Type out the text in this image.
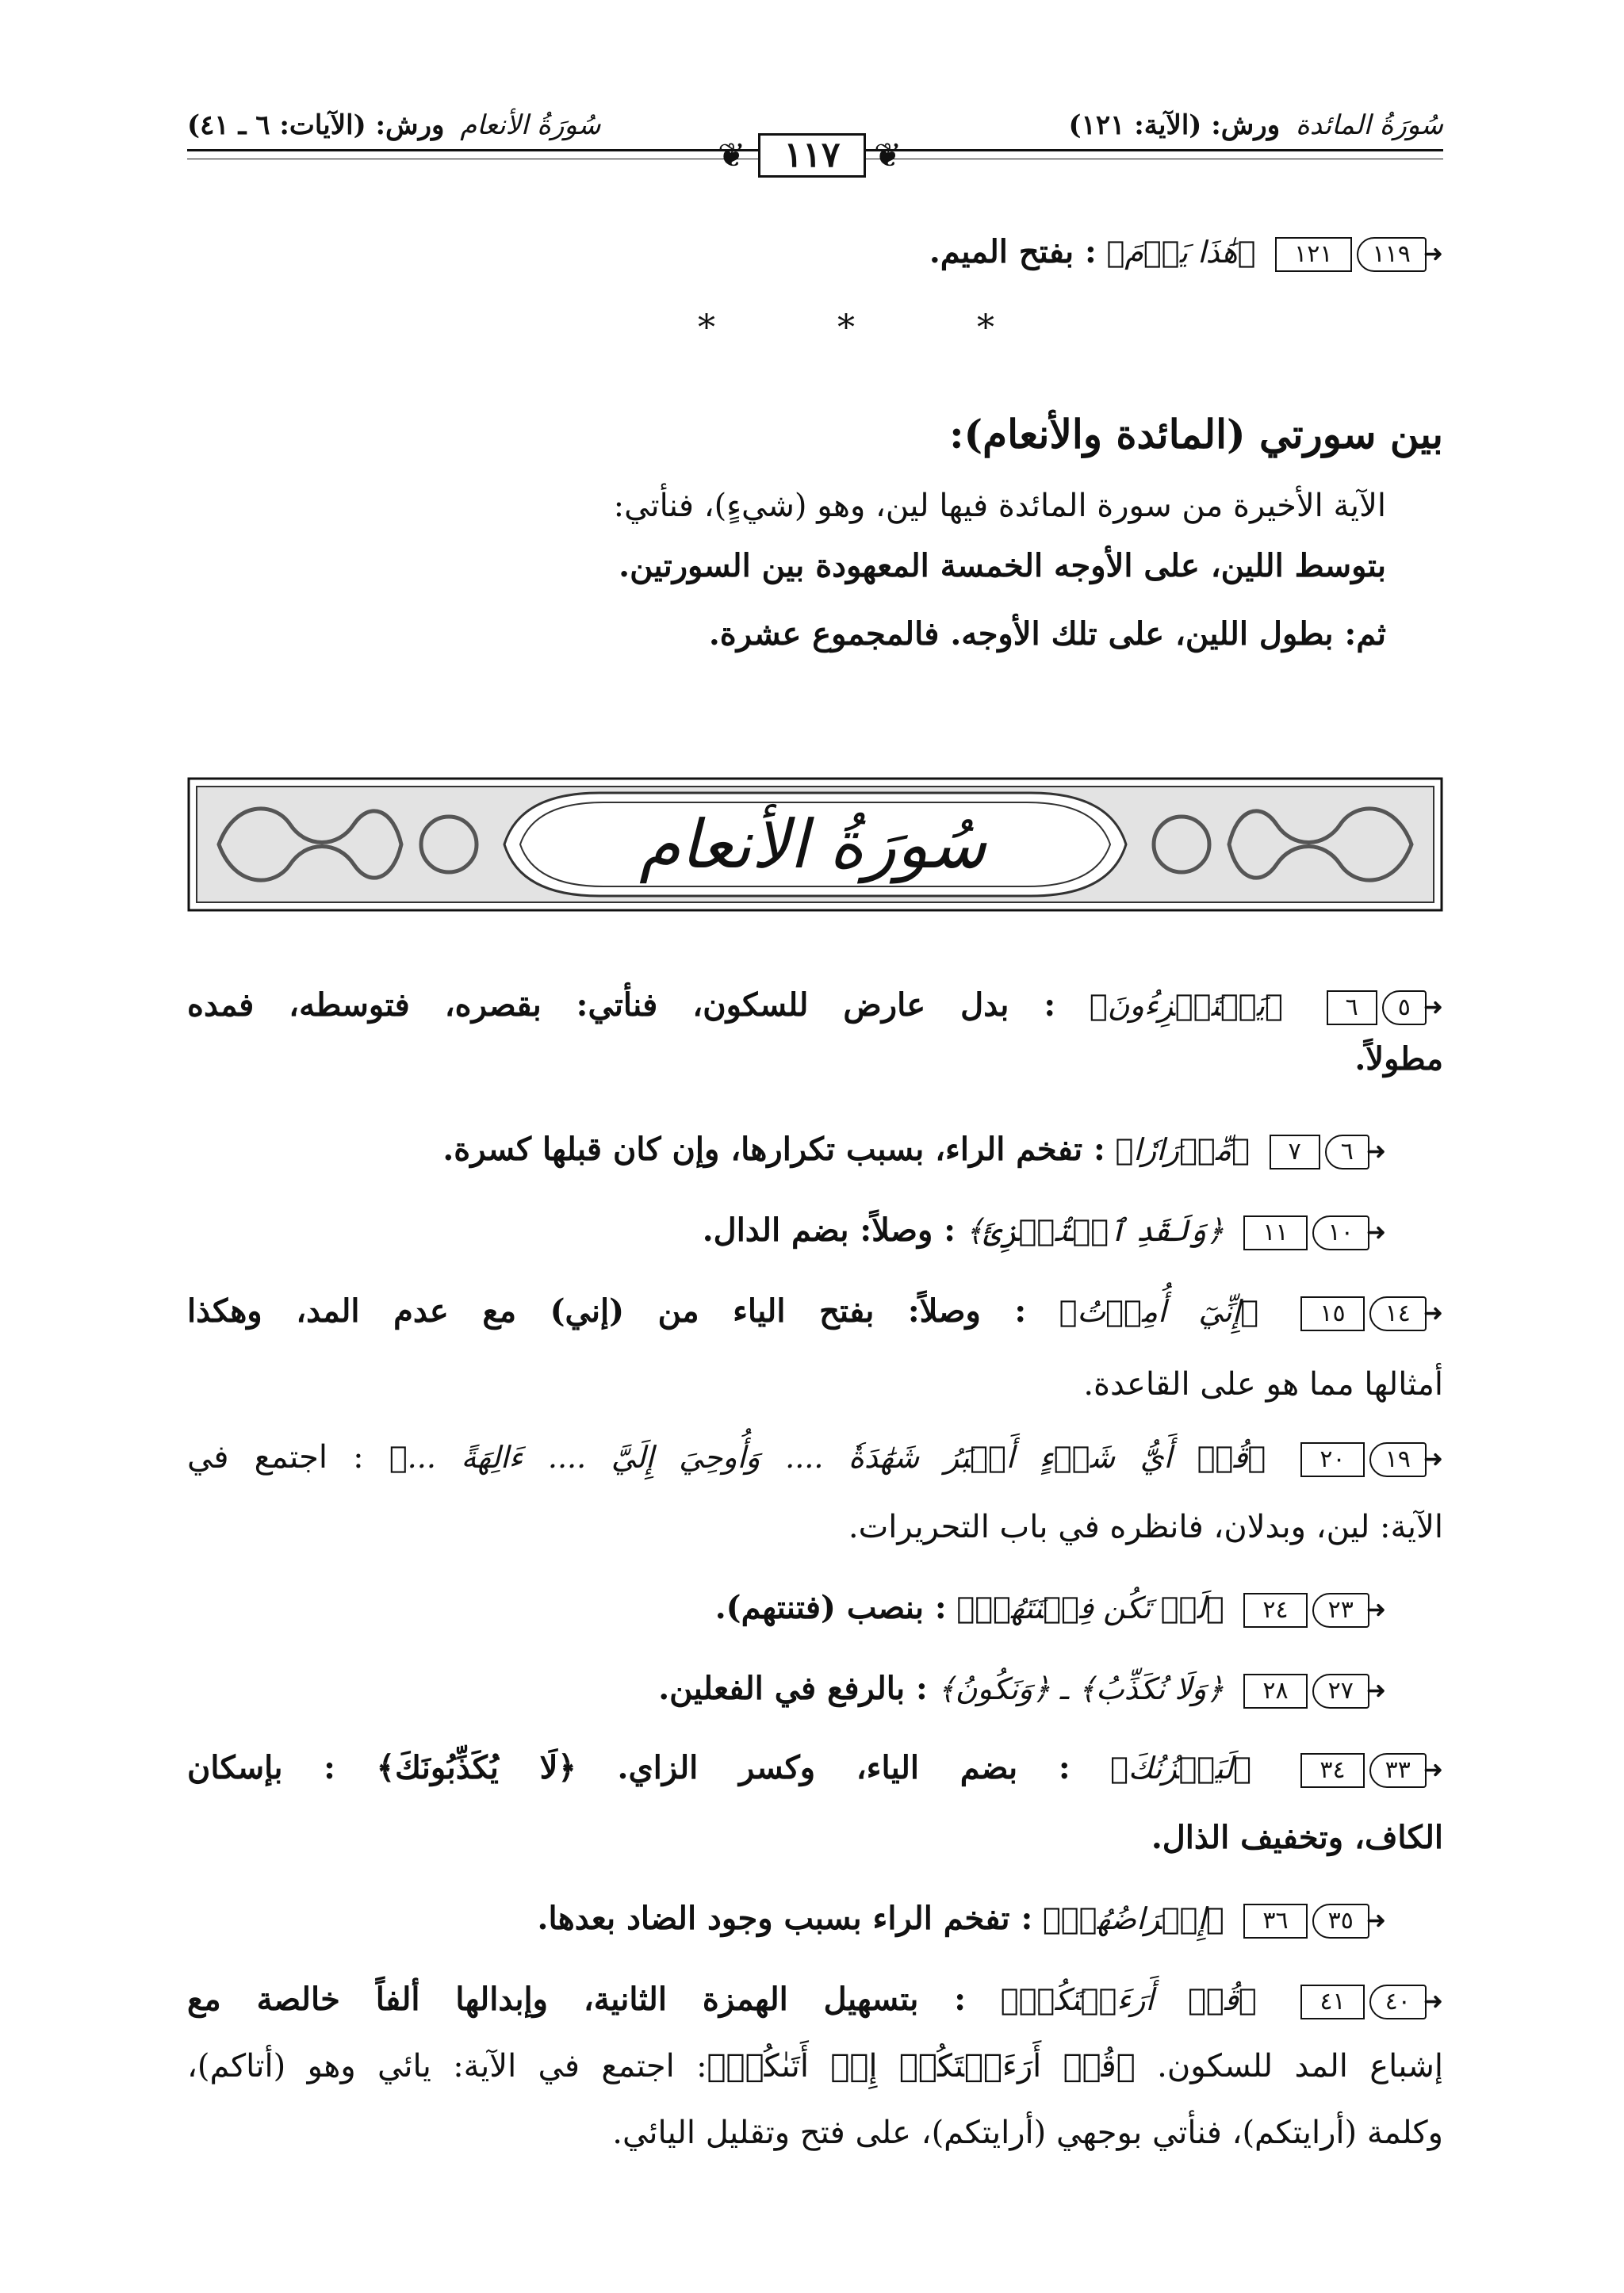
سُورَةُ المائدة ورش: (الآية: ١٢١)
سُورَةُ الأنعام ورش: (الآيات: ٦ ـ ٤١)
❦	❦
١١٧
➜١١٩١٢١ ﴿هَٰذَا يَوۡمَ﴾ : بفتح الميم.
* * *
بين سورتي (المائدة والأنعام):
الآية الأخيرة من سورة المائدة فيها لين، وهو (شيءٍ)، فنأتي:
بتوسط اللين، على الأوجه الخمسة المعهودة بين السورتين.
ثم: بطول اللين، على تلك الأوجه. فالمجموع عشرة.
سُورَةُ الأنعام
➜٥٦ ﴿يَسۡتَهۡزِءُونَ﴾ : بدل عارض للسكون، فنأتي: بقصره، فتوسطه، فمده
مطولاً.
➜٦٧ ﴿مِّدۡرَارٗا﴾ : تفخم الراء، بسبب تكرارها، وإن كان قبلها كسرة.
➜١٠١١ ﴿وَلَقَدِ ٱسۡتُهۡزِئَ﴾ : وصلاً: بضم الدال.
➜١٤١٥ ﴿إِنِّيٓ أُمِرۡتُ﴾ : وصلاً: بفتح الياء من (إني) مع عدم المد، وهكذا
أمثالها مما هو على القاعدة.
➜١٩٢٠ ﴿قُلۡ أَيُّ شَيۡءٍ أَكۡبَرُ شَهَٰدَةٗ .... وَأُوحِيَ إِلَيَّ .... ءَالِهَةً ...﴾ : اجتمع في
الآية: لين، وبدلان، فانظره في باب التحريرات.
➜٢٣٢٤ ﴿لَمۡ تَكُن فِتۡنَتَهُمۡ﴾ : بنصب (فتنتهم).
➜٢٧٢٨ ﴿وَلَا نُكَذِّبُ﴾ ـ ﴿وَنَكُونُ﴾ : بالرفع في الفعلين.
➜٣٣٣٤ ﴿لَيَحۡزُنُكَ﴾ : بضم الياء، وكسر الزاي. ﴿لَا يُكَذِّبُونَكَ﴾ : بإسكان
الكاف، وتخفيف الذال.
➜٣٥٣٦ ﴿إِعۡرَاضُهُمۡ﴾ : تفخم الراء بسبب وجود الضاد بعدها.
➜٤٠٤١ ﴿قُلۡ أَرَءَيۡتَكُمۡ﴾ : بتسهيل الهمزة الثانية، وإبدالها ألفاً خالصة مع
إشباع المد للسكون. ﴿قُلۡ أَرَءَيۡتَكُمۡ إِنۡ أَتَىٰكُمۡ﴾: اجتمع في الآية: يائي وهو (أتاكم)،
وكلمة (أرايتكم)، فنأتي بوجهي (أرايتكم)، على فتح وتقليل اليائي.
